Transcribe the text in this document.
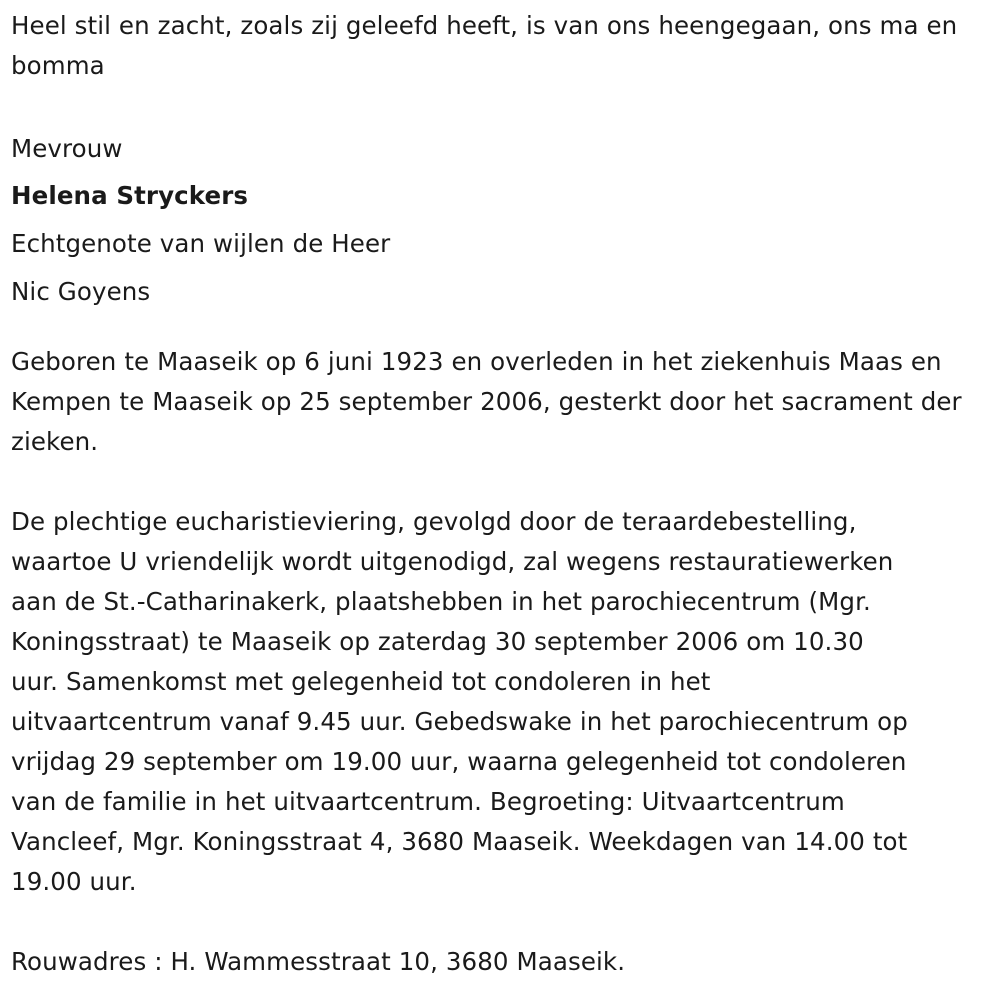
Heel stil en zacht, zoals zij geleefd heeft, is van ons heengegaan, ons ma en bomma

Mevrouw

Helena Stryckers

Echtgenote van wijlen de Heer

Nic Goyens

Geboren te Maaseik op 6 juni 1923 en overleden in het ziekenhuis Maas en Kempen te Maaseik op 25 september 2006, gesterkt door het sacrament der zieken.

De plechtige eucharistieviering, gevolgd door de teraardebestelling,

waartoe U vriendelijk wordt uitgenodigd, zal wegens restauratiewerken

aan de St.-Catharinakerk, plaatshebben in het parochiecentrum (Mgr.

Koningsstraat) te Maaseik op zaterdag 30 september 2006 om 10.30

uur. Samenkomst met gelegenheid tot condoleren in het

uitvaartcentrum vanaf 9.45 uur. Gebedswake in het parochiecentrum op

vrijdag 29 september om 19.00 uur, waarna gelegenheid tot condoleren

van de familie in het uitvaartcentrum. Begroeting: Uitvaartcentrum

Vancleef, Mgr. Koningsstraat 4, 3680 Maaseik. Weekdagen van 14.00 tot

19.00 uur.

Rouwadres : H. Wammesstraat 10, 3680 Maaseik.
